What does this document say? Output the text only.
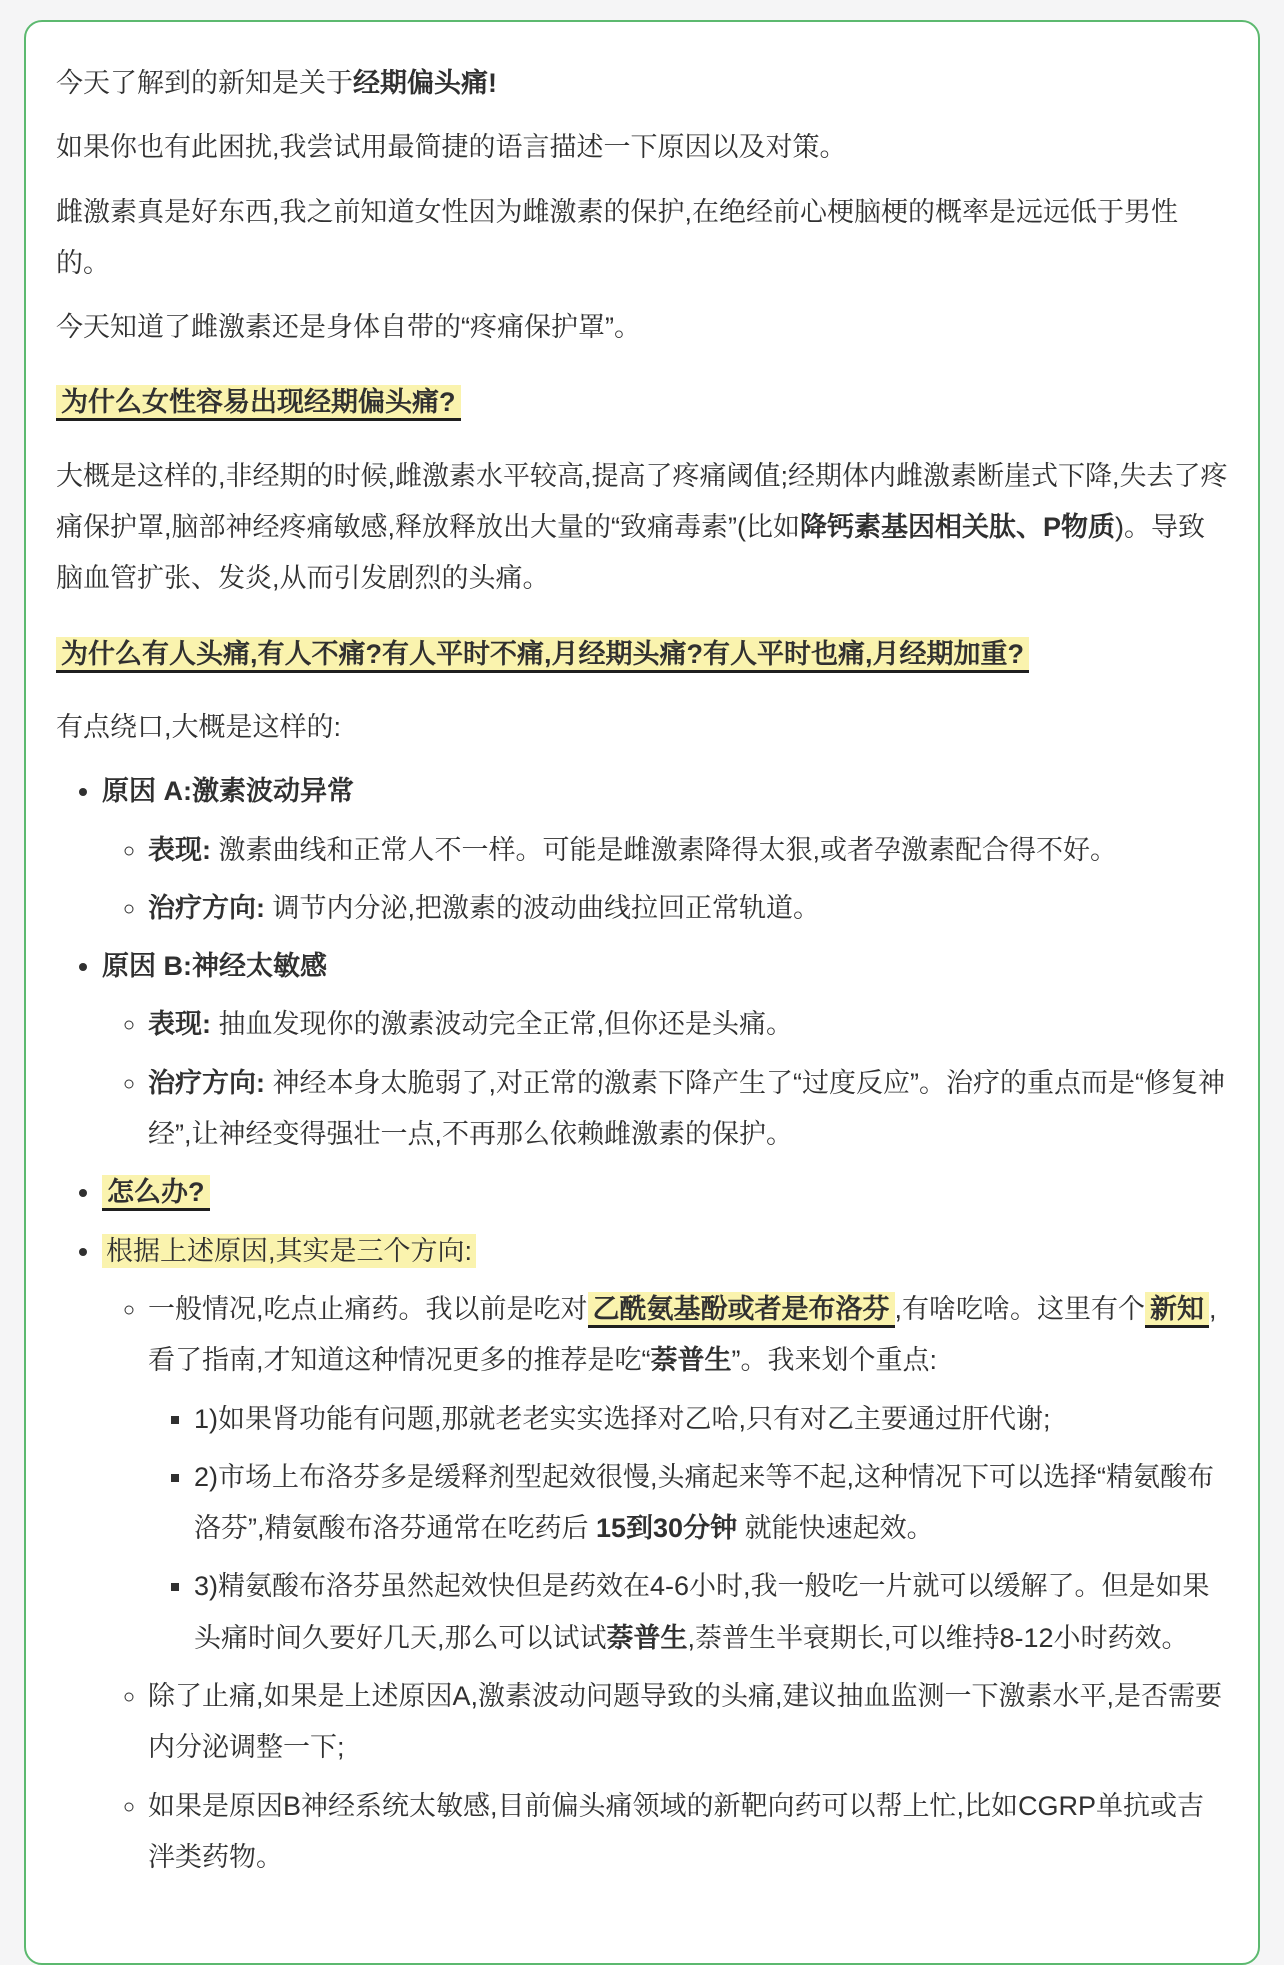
今天了解到的新知是关于经期偏头痛!

如果你也有此困扰,我尝试用最简捷的语言描述一下原因以及对策。

雌激素真是好东西,我之前知道女性因为雌激素的保护,在绝经前心梗脑梗的概率是远远低于男性的。

今天知道了雌激素还是身体自带的“疼痛保护罩”。

为什么女性容易出现经期偏头痛?

大概是这样的,非经期的时候,雌激素水平较高,提高了疼痛阈值;经期体内雌激素断崖式下降,失去了疼痛保护罩,脑部神经疼痛敏感,释放释放出大量的“致痛毒素”(比如降钙素基因相关肽、P物质)。导致脑血管扩张、发炎,从而引发剧烈的头痛。

为什么有人头痛,有人不痛?有人平时不痛,月经期头痛?有人平时也痛,月经期加重?

有点绕口,大概是这样的:

• 原因 A:激素波动异常
◦ 表现: 激素曲线和正常人不一样。可能是雌激素降得太狠,或者孕激素配合得不好。
◦ 治疗方向: 调节内分泌,把激素的波动曲线拉回正常轨道。
• 原因 B:神经太敏感
◦ 表现: 抽血发现你的激素波动完全正常,但你还是头痛。
◦ 治疗方向: 神经本身太脆弱了,对正常的激素下降产生了“过度反应”。治疗的重点而是“修复神经”,让神经变得强壮一点,不再那么依赖雌激素的保护。
• 怎么办?
• 根据上述原因,其实是三个方向:
◦ 一般情况,吃点止痛药。我以前是吃对 乙酰氨基酚或者是布洛芬 ,有啥吃啥。这里有个 新知 ,看了指南,才知道这种情况更多的推荐是吃“萘普生”。我来划个重点:
▪ 1)如果肾功能有问题,那就老老实实选择对乙哈,只有对乙主要通过肝代谢;
▪ 2)市场上布洛芬多是缓释剂型起效很慢,头痛起来等不起,这种情况下可以选择“精氨酸布洛芬”,精氨酸布洛芬通常在吃药后 15到30分钟 就能快速起效。
▪ 3)精氨酸布洛芬虽然起效快但是药效在4-6小时,我一般吃一片就可以缓解了。但是如果头痛时间久要好几天,那么可以试试萘普生,萘普生半衰期长,可以维持8-12小时药效。
◦ 除了止痛,如果是上述原因A,激素波动问题导致的头痛,建议抽血监测一下激素水平,是否需要内分泌调整一下;
◦ 如果是原因B神经系统太敏感,目前偏头痛领域的新靶向药可以帮上忙,比如CGRP单抗或吉泮类药物。
